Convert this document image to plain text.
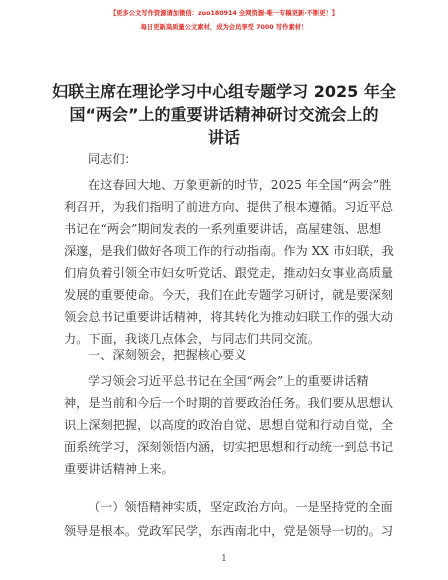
【更多公文写作资源请加微信：zuo180914 全网资源·唯一专稿更新·不断更！】
每日更新高质量公文素材，成为会员享受 7000 写作素材！
妇联主席在理论学习中心组专题学习 2025 年全
国“两会”上的重要讲话精神研讨交流会上的
讲话
同志们：
在这春回大地、万象更新的时节，2025 年全国“两会”胜
利召开，为我们指明了前进方向、提供了根本遵循。习近平总
书记在“两会”期间发表的一系列重要讲话，高屋建瓴、思想
深邃，是我们做好各项工作的行动指南。作为 XX 市妇联，我
们肩负着引领全市妇女听党话、跟党走，推动妇女事业高质量
发展的重要使命。今天，我们在此专题学习研讨，就是要深刻
领会总书记重要讲话精神，将其转化为推动妇联工作的强大动
力。下面，我谈几点体会，与同志们共同交流。
一、深刻领会，把握核心要义
学习领会习近平总书记在全国“两会”上的重要讲话精
神，是当前和今后一个时期的首要政治任务。我们要从思想认
识上深刻把握，以高度的政治自觉、思想自觉和行动自觉，全
面系统学习，深刻领悟内涵，切实把思想和行动统一到总书记
重要讲话精神上来。
（一）领悟精神实质，坚定政治方向。一是坚持党的全面
领导是根本。党政军民学，东西南北中，党是领导一切的。习
1
